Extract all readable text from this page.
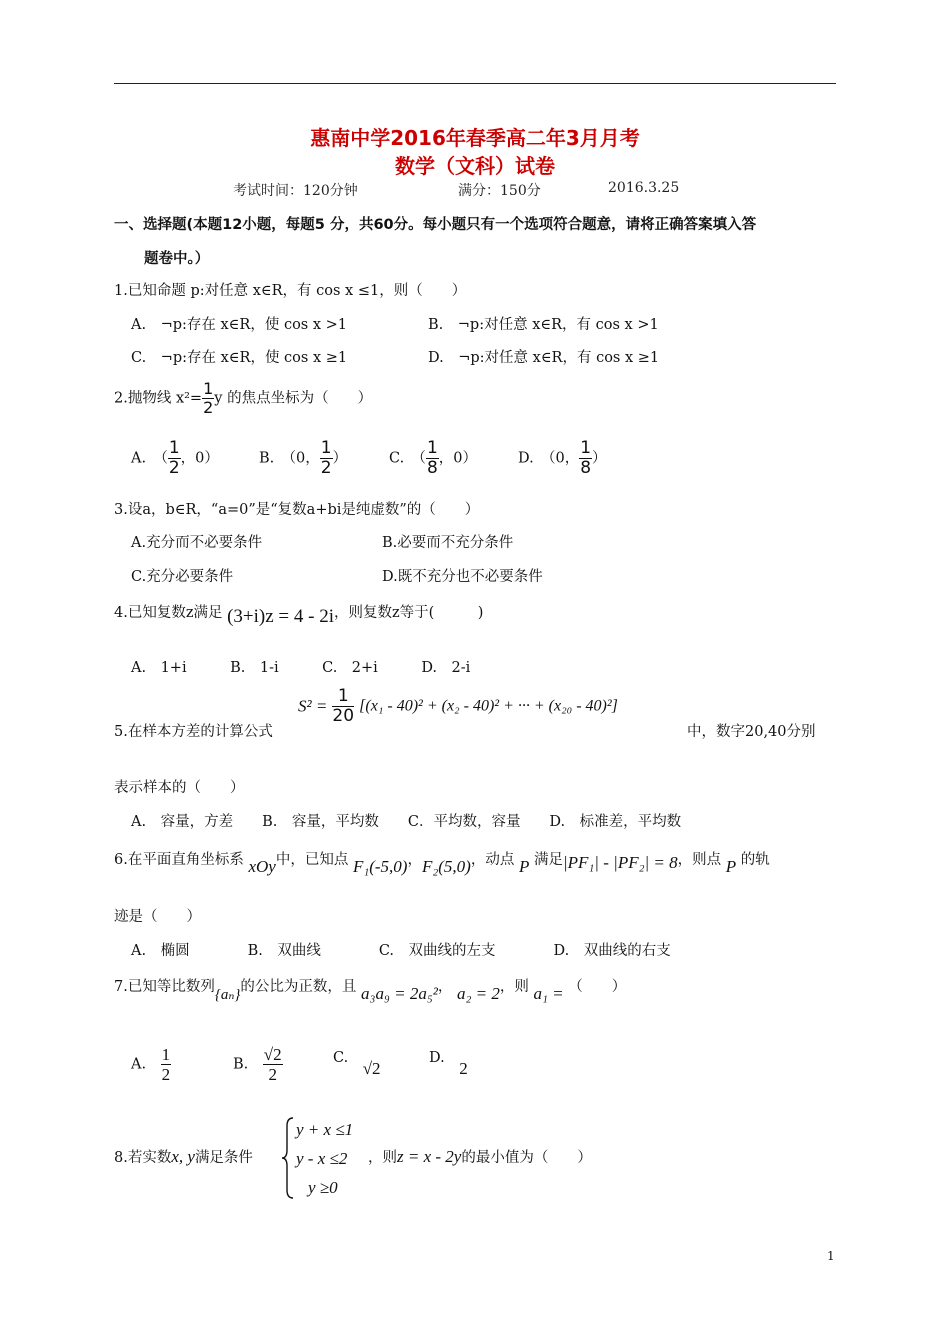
惠南中学2016年春季高二年3月月考
数学（文科）试卷
考试时间：120分钟	满分：150分	2016.3.25
一、选择题(本题12小题，每题5 分，共60分。每小题只有一个选项符合题意，请将正确答案填入答
题卷中。）
1.已知命题 p:对任意 x∈R，有 cos x ≤1，则（　　）
A.　¬p:存在 x∈R，使 cos x >1	B.　¬p:对任意 x∈R，有 cos x >1
C.　¬p:存在 x∈R，使 cos x ≥1	D.　¬p:对任意 x∈R，有 cos x ≥1
2.抛物线 $x^2= \frac{1}{2}$ y 的焦点坐标为（　　）
A.　（ $\frac{1}{2}$ ，0）	B.　（0， $\frac{1}{2}$ ）	C.　（ $\frac{1}{8}$ ，0）	D.　（0， $\frac{1}{8}$ ）
3.设a，b∈R，“a=0”是“复数a+bi是纯虚数”的（　　）
A.充分而不必要条件	B.必要而不充分条件
C.充分必要条件	D.既不充分也不必要条件
4.已知复数z满足 (3+i)z = 4 - 2i，则复数z等于(　　　)
A.　1+i　　　B.　1-i　　　C.　2+i　　　D.　2-i
5.在样本方差的计算公式
$S^2 = \frac{1}{20} [(x_1 - 40)^2 + (x_2 - 40)^2$ + ··· + (x₂₀ - 40)²]
中，数字20,40分别
表示样本的（　　）
A.　容量，方差　　B.　容量，平均数　　C．平均数，容量　　D.　标准差，平均数
6.在平面直角坐标系 xOy中，已知点 F₁(-5,0)，F₂(5,0)，动点 P 满足|PF₁| - |PF₂| = 8，则点 P 的轨
迹是（　　）
A.　椭圆　　　　B.　双曲线　　　　C.　双曲线的左支　　　　D.　双曲线的右支
7.已知等比数列{aₙ}的公比为正数，且 a₃a₉ = 2a₅²， a₂ = 2，则 a₁ = （　　）
A.　 $\frac{1}{2}$	B.　 $\frac{√2}{2}$	C.　√2
D.　2
8.若实数x, y满足条件
y + x ≤1
y - x ≤2
y ≥0
，则z = x - 2y的最小值为（　　）
1
